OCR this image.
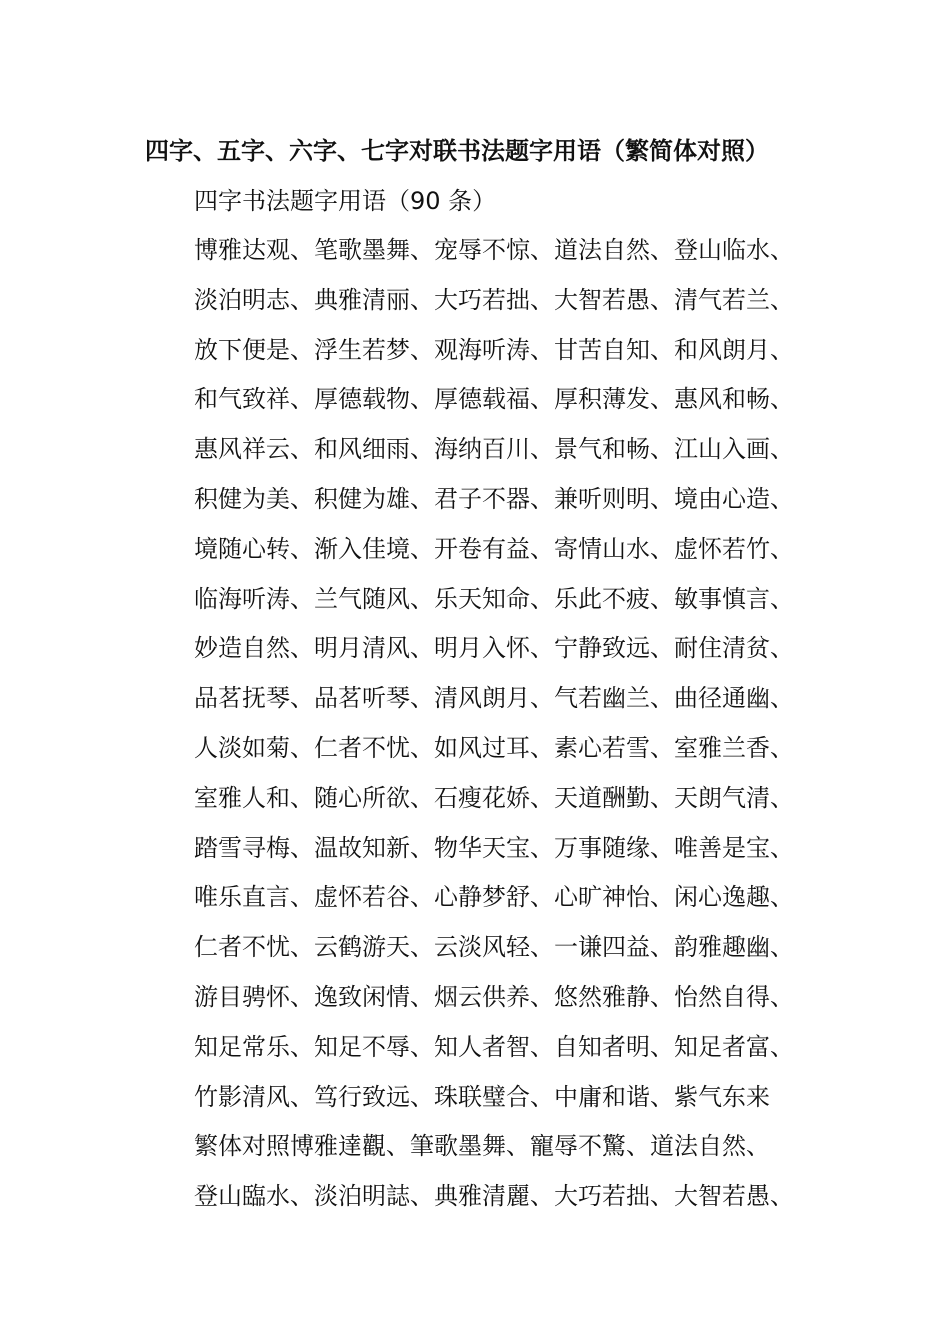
四字、五字、六字、七字对联书法题字用语（繁简体对照）
四字书法题字用语（90 条）
博雅达观、笔歌墨舞、宠辱不惊、道法自然、登山临水、
淡泊明志、典雅清丽、大巧若拙、大智若愚、清气若兰、
放下便是、浮生若梦、观海听涛、甘苦自知、和风朗月、
和气致祥、厚德载物、厚德载福、厚积薄发、惠风和畅、
惠风祥云、和风细雨、海纳百川、景气和畅、江山入画、
积健为美、积健为雄、君子不器、兼听则明、境由心造、
境随心转、渐入佳境、开卷有益、寄情山水、虚怀若竹、
临海听涛、兰气随风、乐天知命、乐此不疲、敏事慎言、
妙造自然、明月清风、明月入怀、宁静致远、耐住清贫、
品茗抚琴、品茗听琴、清风朗月、气若幽兰、曲径通幽、
人淡如菊、仁者不忧、如风过耳、素心若雪、室雅兰香、
室雅人和、随心所欲、石瘦花娇、天道酬勤、天朗气清、
踏雪寻梅、温故知新、物华天宝、万事随缘、唯善是宝、
唯乐直言、虚怀若谷、心静梦舒、心旷神怡、闲心逸趣、
仁者不忧、云鹤游天、云淡风轻、一谦四益、韵雅趣幽、
游目骋怀、逸致闲情、烟云供养、悠然雅静、怡然自得、
知足常乐、知足不辱、知人者智、自知者明、知足者富、
竹影清风、笃行致远、珠联璧合、中庸和谐、紫气东来
繁体对照博雅達觀、筆歌墨舞、寵辱不驚、道法自然、
登山臨水、淡泊明誌、典雅清麗、大巧若拙、大智若愚、
